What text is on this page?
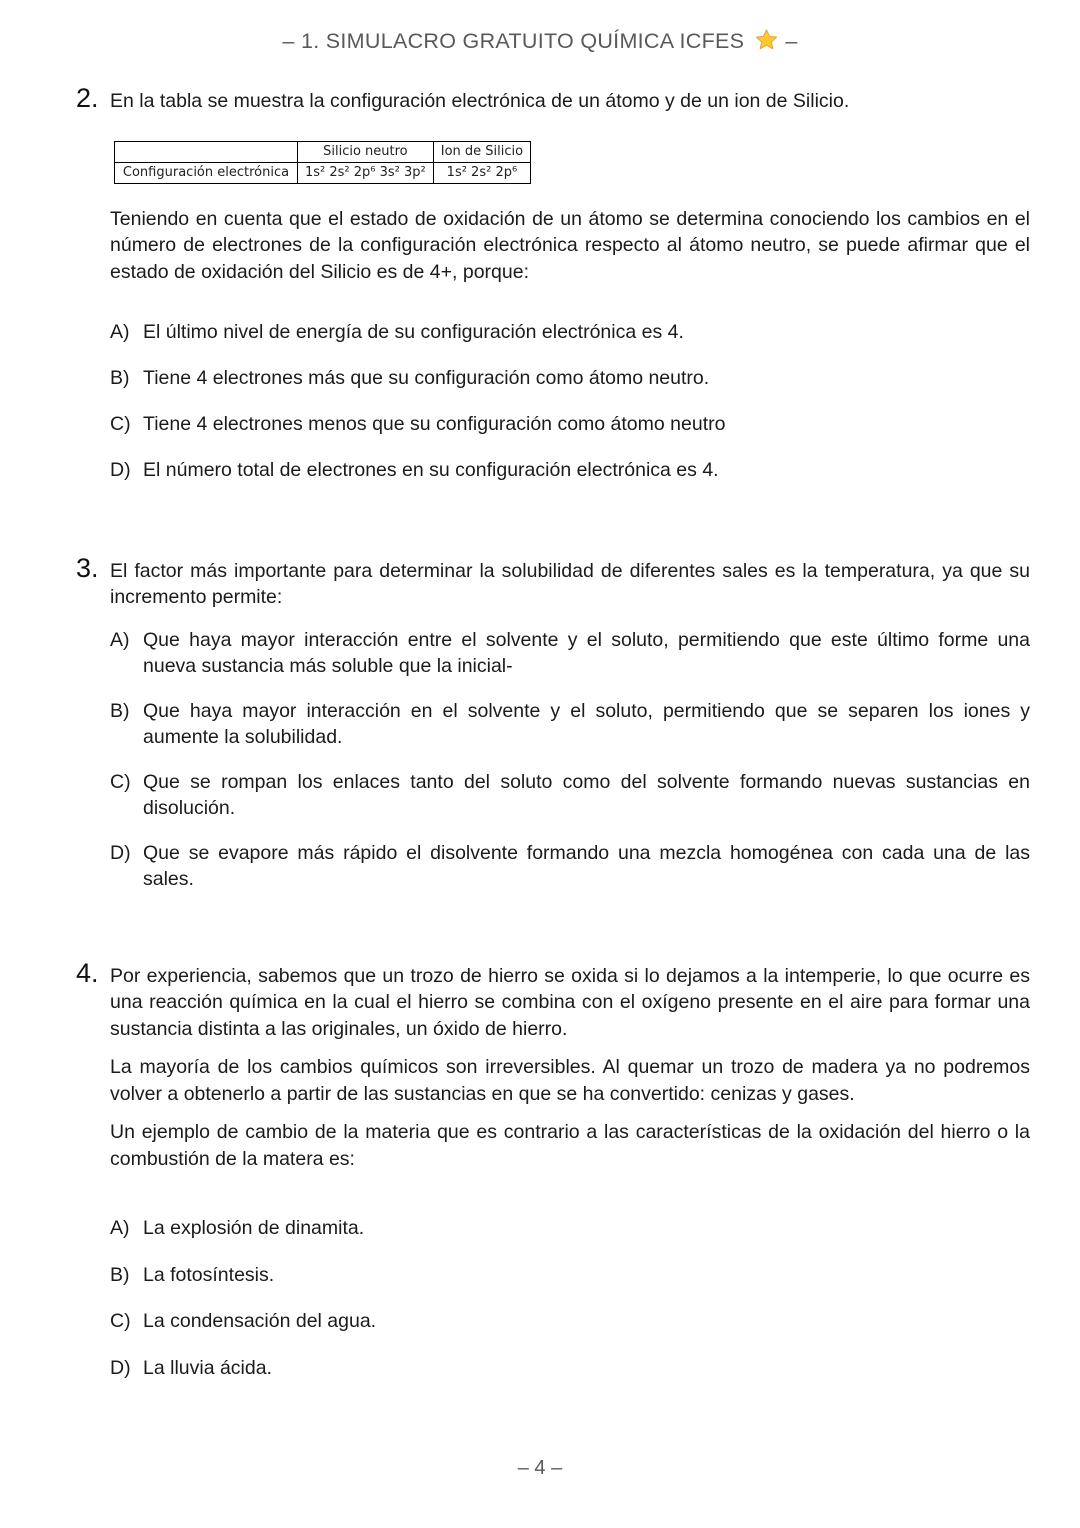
– 1. SIMULACRO GRATUITO QUÍMICA ICFES –
2. En la tabla se muestra la configuración electrónica de un átomo y de un ion de Silicio.

	Silicio neutro	Ion de Silicio
Configuración electrónica	1s² 2s² 2p⁶ 3s² 3p²	1s² 2s² 2p⁶

Teniendo en cuenta que el estado de oxidación de un átomo se determina conociendo los cambios en el número de electrones de la configuración electrónica respecto al átomo neutro, se puede afirmar que el estado de oxidación del Silicio es de 4+, porque:

A) El último nivel de energía de su configuración electrónica es 4.
B) Tiene 4 electrones más que su configuración como átomo neutro.
C) Tiene 4 electrones menos que su configuración como átomo neutro
D) El número total de electrones en su configuración electrónica es 4.
3. El factor más importante para determinar la solubilidad de diferentes sales es la temperatura, ya que su incremento permite:

A) Que haya mayor interacción entre el solvente y el soluto, permitiendo que este último forme una nueva sustancia más soluble que la inicial-
B) Que haya mayor interacción en el solvente y el soluto, permitiendo que se separen los iones y aumente la solubilidad.
C) Que se rompan los enlaces tanto del soluto como del solvente formando nuevas sustancias en disolución.
D) Que se evapore más rápido el disolvente formando una mezcla homogénea con cada una de las sales.
4. Por experiencia, sabemos que un trozo de hierro se oxida si lo dejamos a la intemperie, lo que ocurre es una reacción química en la cual el hierro se combina con el oxígeno presente en el aire para formar una sustancia distinta a las originales, un óxido de hierro.

La mayoría de los cambios químicos son irreversibles. Al quemar un trozo de madera ya no podremos volver a obtenerlo a partir de las sustancias en que se ha convertido: cenizas y gases.

Un ejemplo de cambio de la materia que es contrario a las características de la oxidación del hierro o la combustión de la matera es:

A) La explosión de dinamita.
B) La fotosíntesis.
C) La condensación del agua.
D) La lluvia ácida.
– 4 –
